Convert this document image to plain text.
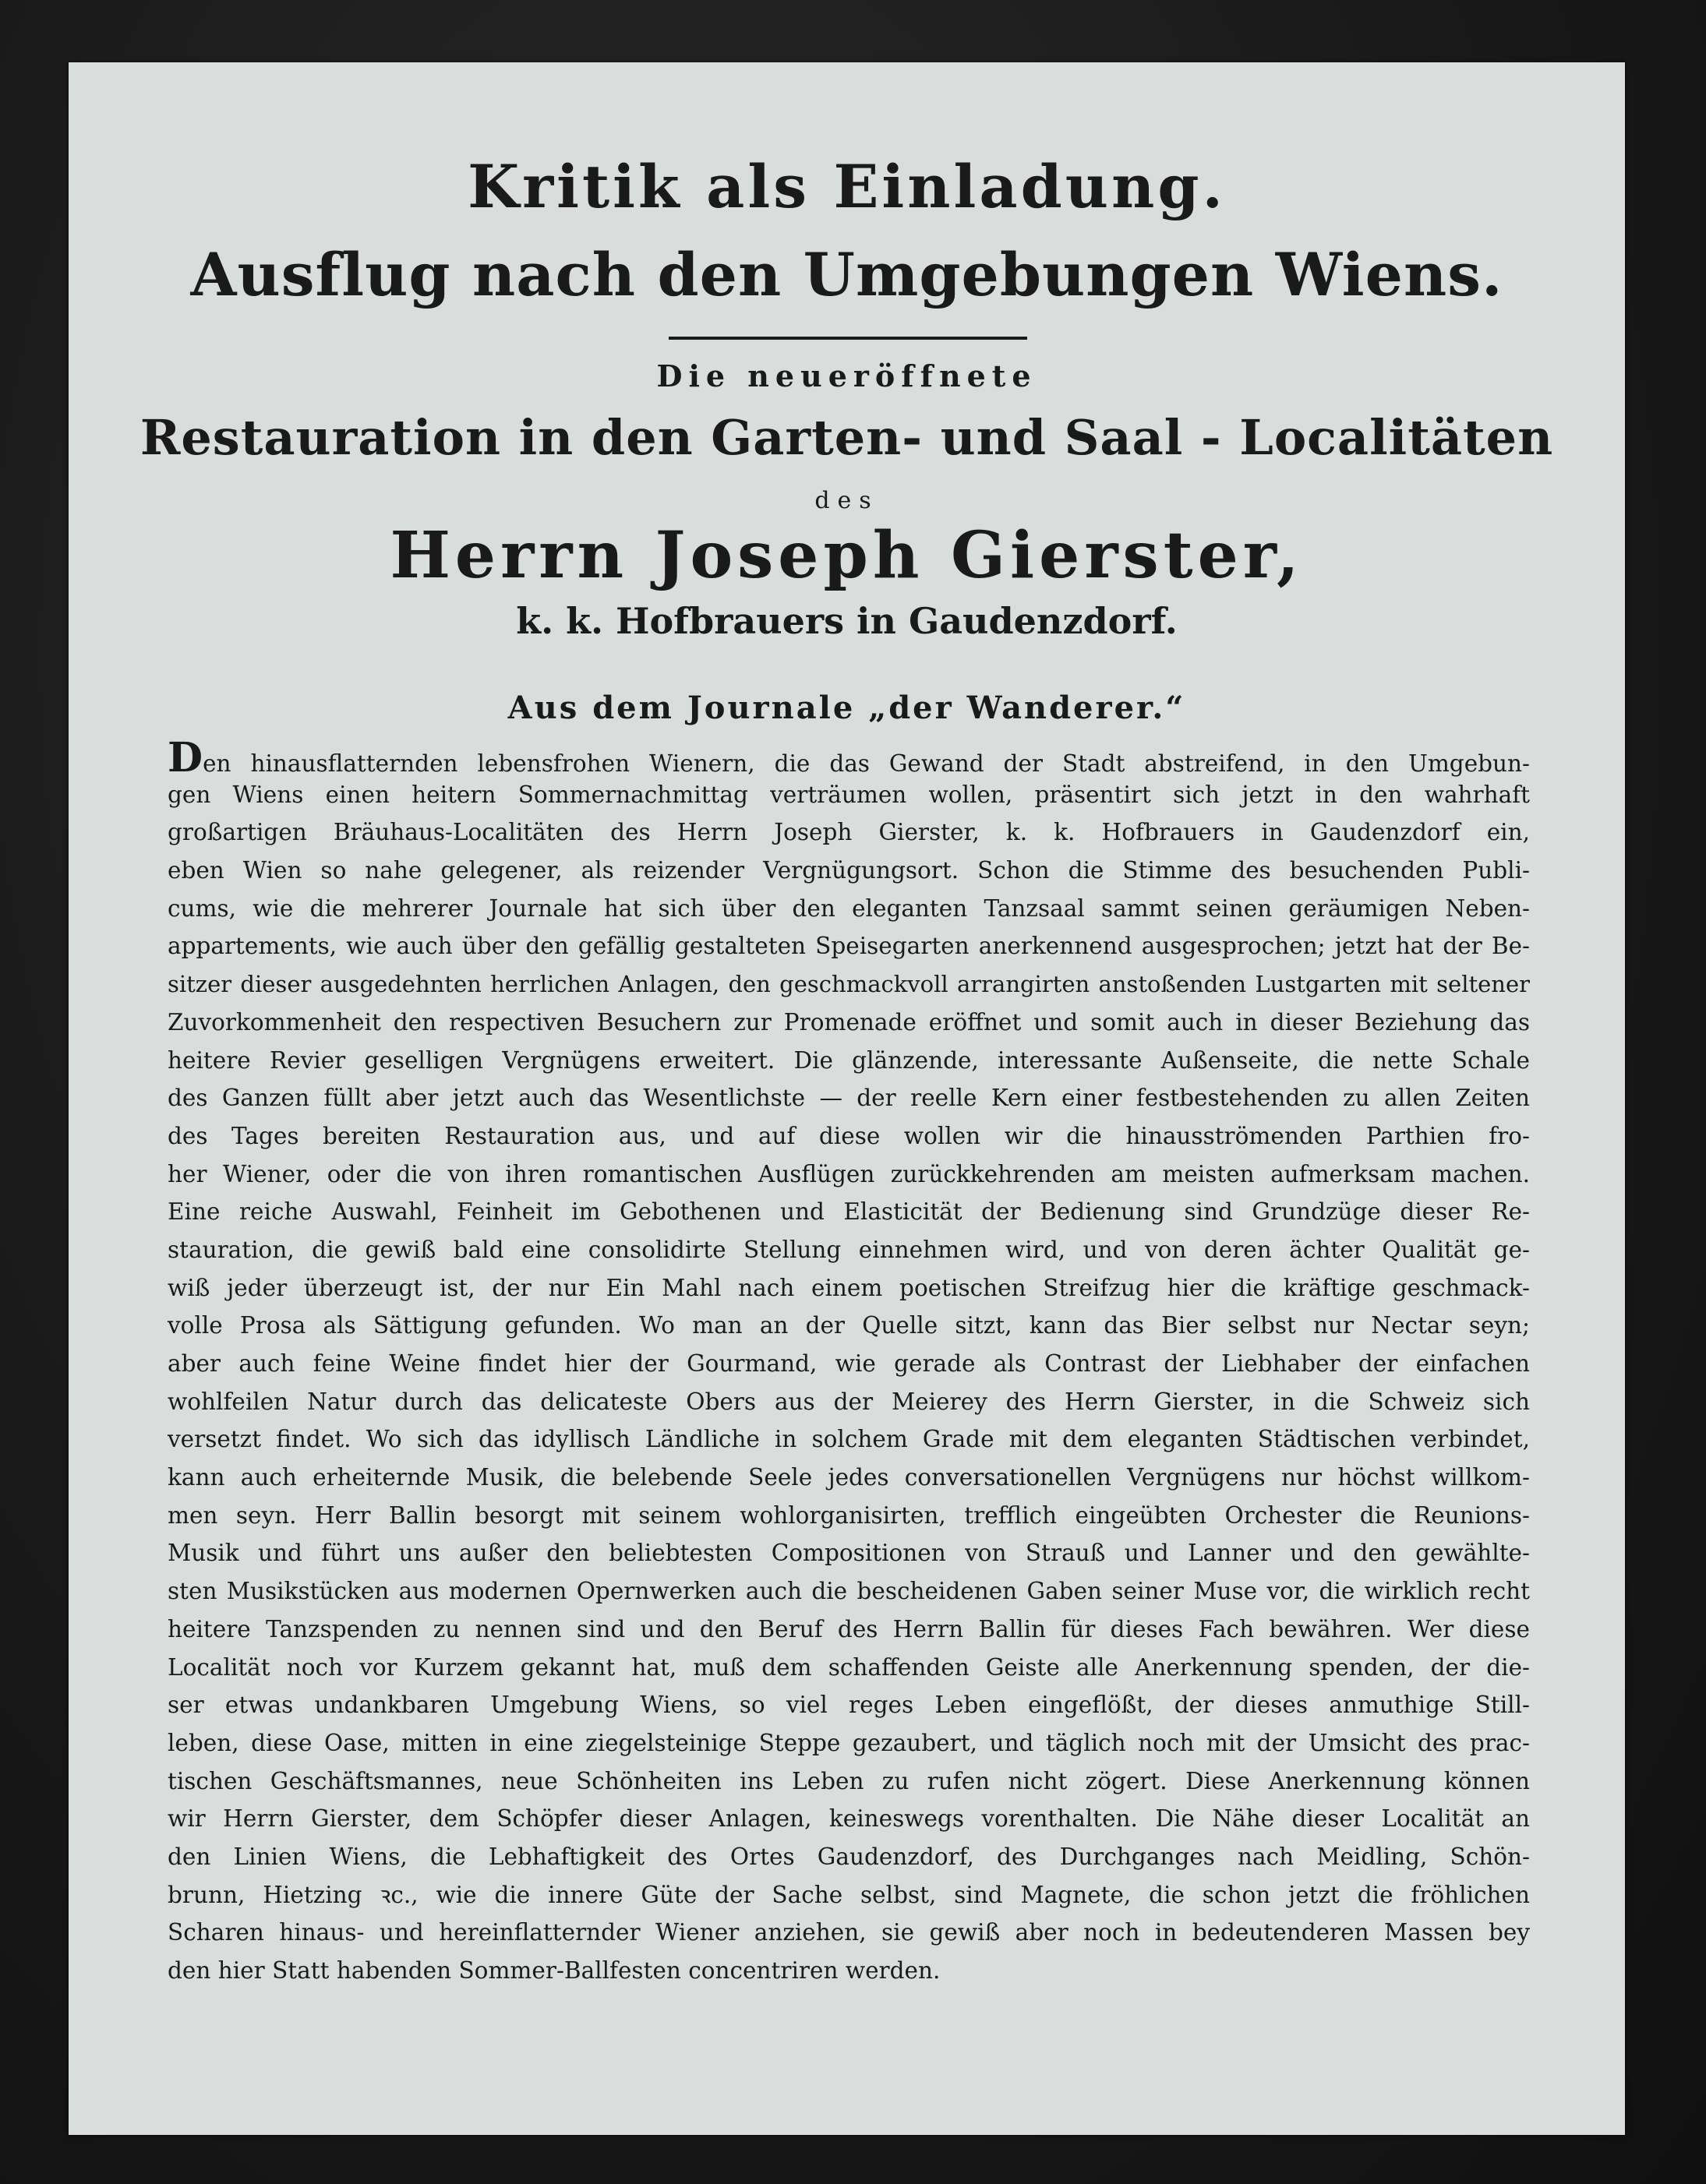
Kritik als Einladung.
Ausflug nach den Umgebungen Wiens.
Die neueröffnete
Restauration in den Garten- und Saal - Localitäten
des
Herrn Joseph Gierster,
k. k. Hofbrauers in Gaudenzdorf.
Aus dem Journale „der Wanderer.“
Den hinausflatternden lebensfrohen Wienern, die das Gewand der Stadt abstreifend, in den Umgebun-
gen Wiens einen heitern Sommernachmittag verträumen wollen, präsentirt sich jetzt in den wahrhaft
großartigen Bräuhaus-Localitäten des Herrn Joseph Gierster, k. k. Hofbrauers in Gaudenzdorf ein,
eben Wien so nahe gelegener, als reizender Vergnügungsort. Schon die Stimme des besuchenden Publi-
cums, wie die mehrerer Journale hat sich über den eleganten Tanzsaal sammt seinen geräumigen Neben-
appartements, wie auch über den gefällig gestalteten Speisegarten anerkennend ausgesprochen; jetzt hat der Be-
sitzer dieser ausgedehnten herrlichen Anlagen, den geschmackvoll arrangirten anstoßenden Lustgarten mit seltener
Zuvorkommenheit den respectiven Besuchern zur Promenade eröffnet und somit auch in dieser Beziehung das
heitere Revier geselligen Vergnügens erweitert. Die glänzende, interessante Außenseite, die nette Schale
des Ganzen füllt aber jetzt auch das Wesentlichste — der reelle Kern einer festbestehenden zu allen Zeiten
des Tages bereiten Restauration aus, und auf diese wollen wir die hinausströmenden Parthien fro-
her Wiener, oder die von ihren romantischen Ausflügen zurückkehrenden am meisten aufmerksam machen.
Eine reiche Auswahl, Feinheit im Gebothenen und Elasticität der Bedienung sind Grundzüge dieser Re-
stauration, die gewiß bald eine consolidirte Stellung einnehmen wird, und von deren ächter Qualität ge-
wiß jeder überzeugt ist, der nur Ein Mahl nach einem poetischen Streifzug hier die kräftige geschmack-
volle Prosa als Sättigung gefunden. Wo man an der Quelle sitzt, kann das Bier selbst nur Nectar seyn;
aber auch feine Weine findet hier der Gourmand, wie gerade als Contrast der Liebhaber der einfachen
wohlfeilen Natur durch das delicateste Obers aus der Meierey des Herrn Gierster, in die Schweiz sich
versetzt findet. Wo sich das idyllisch Ländliche in solchem Grade mit dem eleganten Städtischen verbindet,
kann auch erheiternde Musik, die belebende Seele jedes conversationellen Vergnügens nur höchst willkom-
men seyn. Herr Ballin besorgt mit seinem wohlorganisirten, trefflich eingeübten Orchester die Reunions-
Musik und führt uns außer den beliebtesten Compositionen von Strauß und Lanner und den gewählte-
sten Musikstücken aus modernen Opernwerken auch die bescheidenen Gaben seiner Muse vor, die wirklich recht
heitere Tanzspenden zu nennen sind und den Beruf des Herrn Ballin für dieses Fach bewähren. Wer diese
Localität noch vor Kurzem gekannt hat, muß dem schaffenden Geiste alle Anerkennung spenden, der die-
ser etwas undankbaren Umgebung Wiens, so viel reges Leben eingeflößt, der dieses anmuthige Still-
leben, diese Oase, mitten in eine ziegelsteinige Steppe gezaubert, und täglich noch mit der Umsicht des prac-
tischen Geschäftsmannes, neue Schönheiten ins Leben zu rufen nicht zögert. Diese Anerkennung können
wir Herrn Gierster, dem Schöpfer dieser Anlagen, keineswegs vorenthalten. Die Nähe dieser Localität an
den Linien Wiens, die Lebhaftigkeit des Ortes Gaudenzdorf, des Durchganges nach Meidling, Schön-
brunn, Hietzing ꝛc., wie die innere Güte der Sache selbst, sind Magnete, die schon jetzt die fröhlichen
Scharen hinaus- und hereinflatternder Wiener anziehen, sie gewiß aber noch in bedeutenderen Massen bey
den hier Statt habenden Sommer-Ballfesten concentriren werden.
